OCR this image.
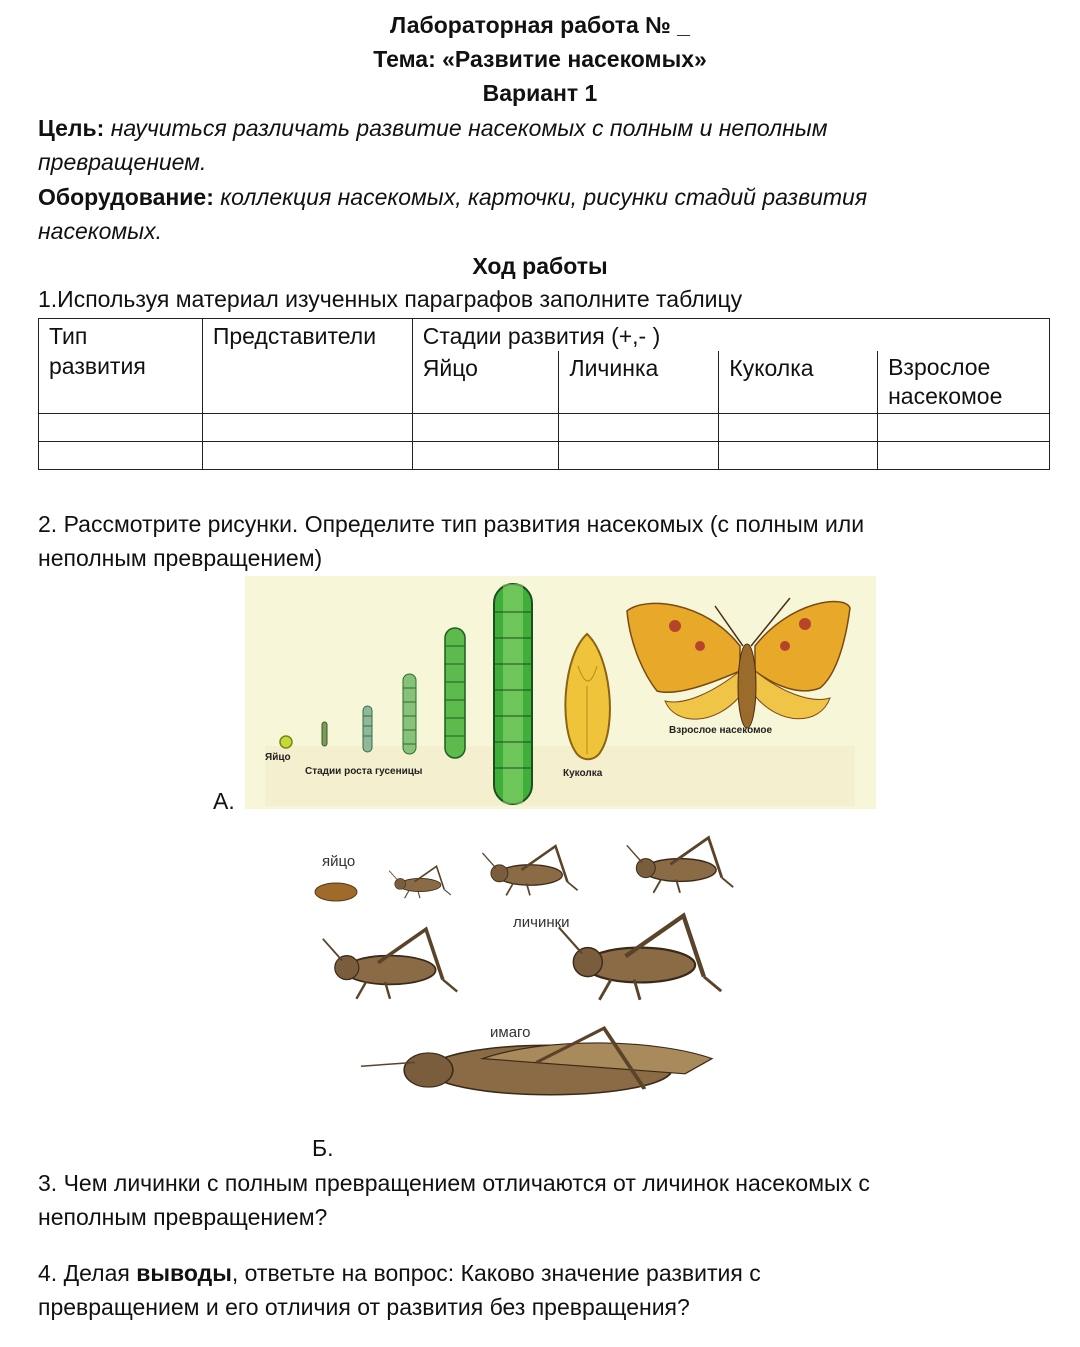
Лабораторная работа № _
Тема: «Развитие насекомых»
Вариант 1
Цель: научиться различать развитие насекомых с полным и неполным
превращением.
Оборудование: коллекция насекомых, карточки, рисунки стадий развития
насекомых.
Ход работы
1.Используя материал изученных параграфов заполните таблицу
Тип
развития	Представители	Стадии развития (+,- )			
		Яйцо	Личинка	Куколка	Взрослое
насекомое

2. Рассмотрите рисунки. Определите тип развития насекомых (с полным или
неполным превращением)
А.
Яйцо
Стадии роста гусеницы	Куколка
Взрослое насекомое
яйцо
личинки
имаго
Б.
3. Чем личинки с полным превращением отличаются от личинок насекомых с
неполным превращением?
4. Делая выводы, ответьте на вопрос: Каково значение развития с
превращением и его отличия от развития без превращения?
